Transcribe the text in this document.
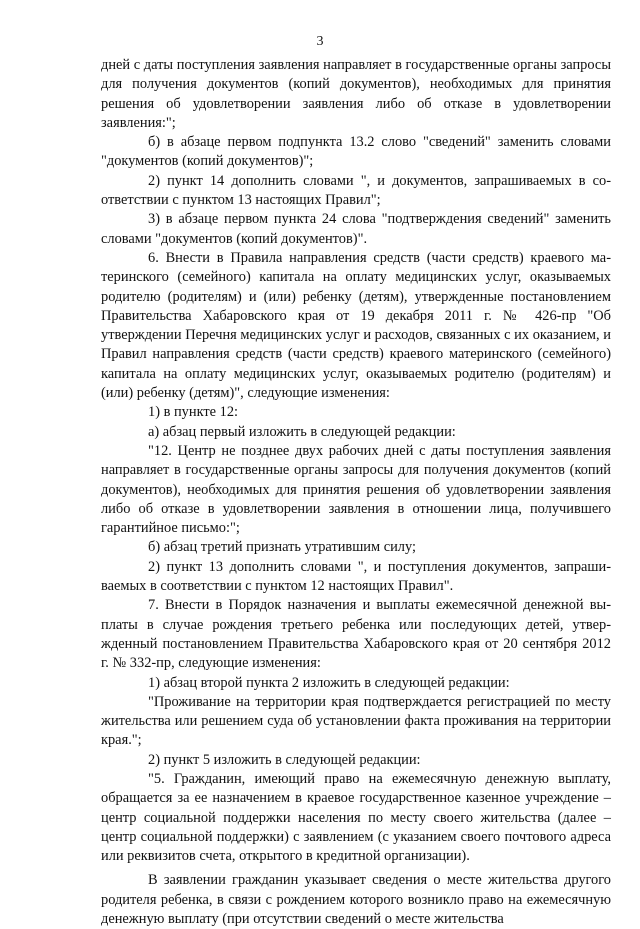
3

дней с даты поступления заявления направляет в государственные органы запросы для получения документов (копий документов), необходимых для принятия решения об удовлетворении заявления либо об отказе в удовлетворении заявления:";

б) в абзаце первом подпункта 13.2 слово "сведений" заменить словами "документов (копий документов)";

2) пункт 14 дополнить словами ", и документов, запрашиваемых в соответствии с пунктом 13 настоящих Правил";

3) в абзаце первом пункта 24 слова "подтверждения сведений" заменить словами "документов (копий документов)".

6. Внести в Правила направления средств (части средств) краевого материнского (семейного) капитала на оплату медицинских услуг, оказываемых родителю (родителям) и (или) ребенку (детям), утвержденные постановлением Правительства Хабаровского края от 19 декабря 2011 г. № 426-пр "Об утверждении Перечня медицинских услуг и расходов, связанных с их оказанием, и Правил направления средств (части средств) краевого материнского (семейного) капитала на оплату медицинских услуг, оказываемых родителю (родителям) и (или) ребенку (детям)", следующие изменения:

1) в пункте 12:

а) абзац первый изложить в следующей редакции:

"12. Центр не позднее двух рабочих дней с даты поступления заявления направляет в государственные органы запросы для получения документов (копий документов), необходимых для принятия решения об удовлетворении заявления либо об отказе в удовлетворении заявления в отношении лица, получившего гарантийное письмо:";

б) абзац третий признать утратившим силу;

2) пункт 13 дополнить словами ", и поступления документов, запрашиваемых в соответствии с пунктом 12 настоящих Правил".

7. Внести в Порядок назначения и выплаты ежемесячной денежной выплаты в случае рождения третьего ребенка или последующих детей, утвержденный постановлением Правительства Хабаровского края от 20 сентября 2012 г. № 332-пр, следующие изменения:

1) абзац второй пункта 2 изложить в следующей редакции:

"Проживание на территории края подтверждается регистрацией по месту жительства или решением суда об установлении факта проживания на территории края.";

2) пункт 5 изложить в следующей редакции:

"5. Гражданин, имеющий право на ежемесячную денежную выплату, обращается за ее назначением в краевое государственное казенное учреждение – центр социальной поддержки населения по месту своего жительства (далее – центр социальной поддержки) с заявлением (с указанием своего почтового адреса или реквизитов счета, открытого в кредитной организации).

В заявлении гражданин указывает сведения о месте жительства другого родителя ребенка, в связи с рождением которого возникло право на ежемесячную денежную выплату (при отсутствии сведений о месте жительства
